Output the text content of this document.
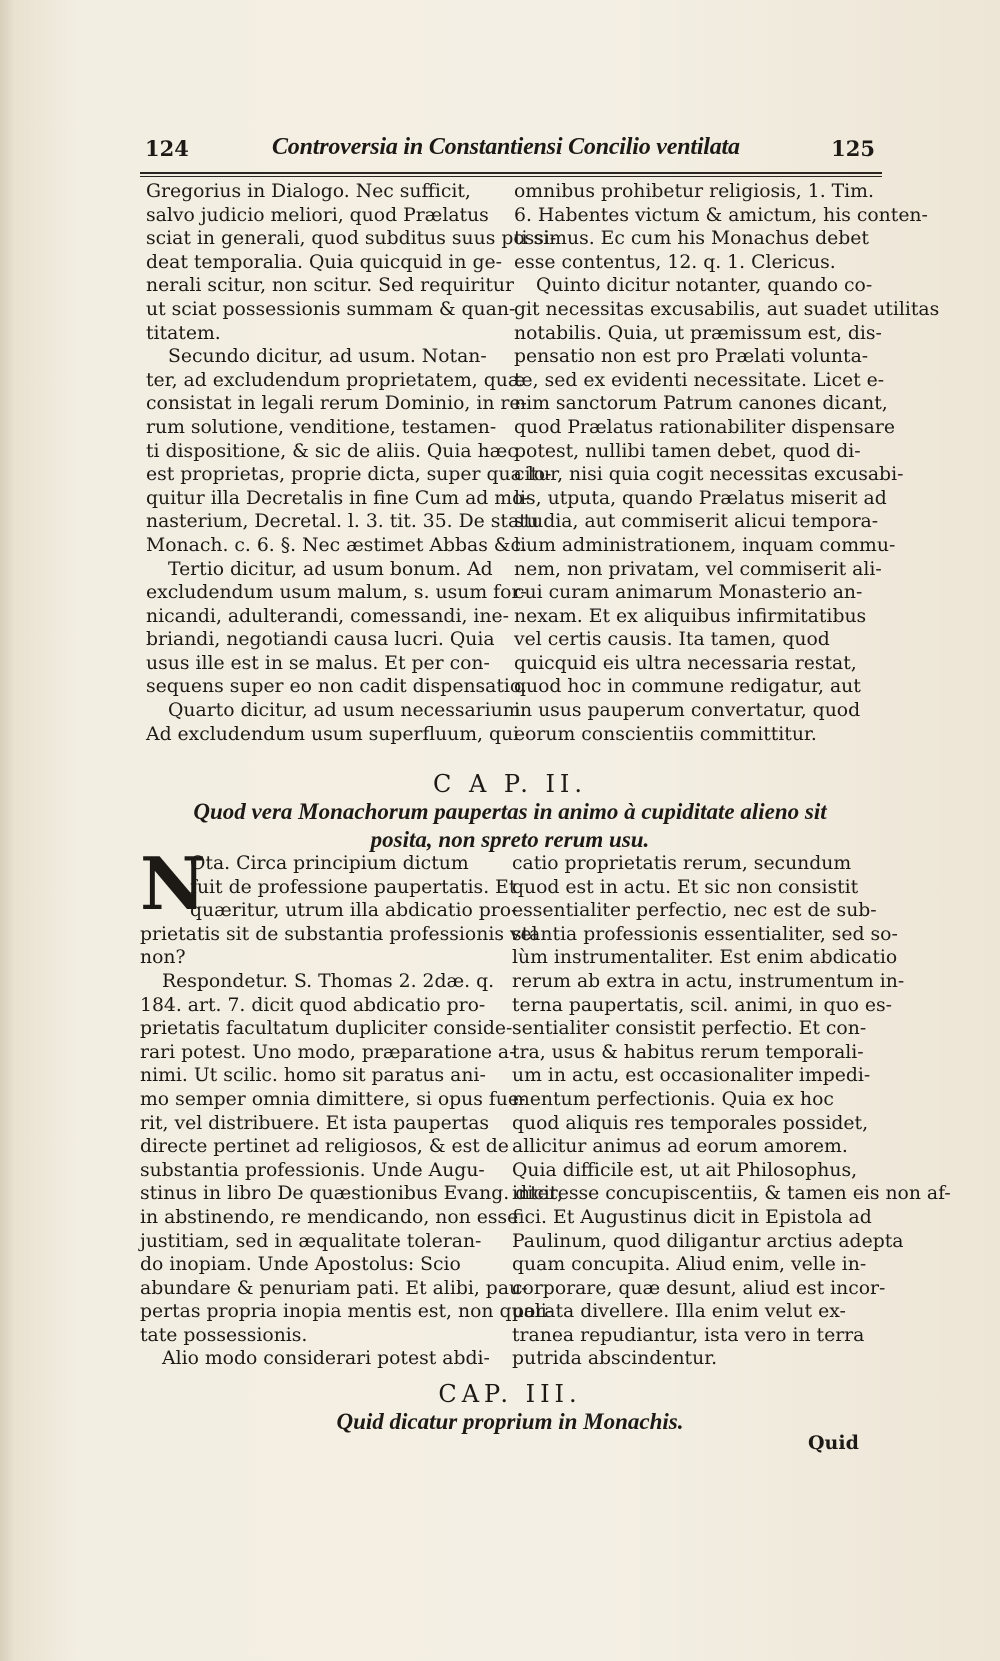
124	Controversia in Constantiensi Concilio ventilata	125
Gregorius in Dialogo. Nec sufficit,
salvo judicio meliori, quod Prælatus
sciat in generali, quod subditus suus possi-
deat temporalia. Quia quicquid in ge-
nerali scitur, non scitur. Sed requiritur
ut sciat possessionis summam & quan-
titatem.
Secundo dicitur, ad usum. Notan-
ter, ad excludendum proprietatem, quæ
consistat in legali rerum Dominio, in re-
rum solutione, venditione, testamen-
ti dispositione, & sic de aliis. Quia hæc
est proprietas, proprie dicta, super qua lo-
quitur illa Decretalis in fine Cum ad mo-
nasterium, Decretal. l. 3. tit. 35. De statu
Monach. c. 6. §. Nec æstimet Abbas &c.
Tertio dicitur, ad usum bonum. Ad
excludendum usum malum, s. usum for-
nicandi, adulterandi, comessandi, ine-
briandi, negotiandi causa lucri. Quia
usus ille est in se malus. Et per con-
sequens super eo non cadit dispensatio.
Quarto dicitur, ad usum necessarium.
Ad excludendum usum superfluum, qui
omnibus prohibetur religiosis, 1. Tim.
6. Habentes victum & amictum, his conten-
ti simus. Ec cum his Monachus debet
esse contentus, 12. q. 1. Clericus.
Quinto dicitur notanter, quando co-
git necessitas excusabilis, aut suadet utilitas
notabilis. Quia, ut præmissum est, dis-
pensatio non est pro Prælati volunta-
te, sed ex evidenti necessitate. Licet e-
nim sanctorum Patrum canones dicant,
quod Prælatus rationabiliter dispensare
potest, nullibi tamen debet, quod di-
citur, nisi quia cogit necessitas excusabi-
lis, utputa, quando Prælatus miserit ad
studia, aut commiserit alicui tempora-
lium administrationem, inquam commu-
nem, non privatam, vel commiserit ali-
cui curam animarum Monasterio an-
nexam. Et ex aliquibus infirmitatibus
vel certis causis. Ita tamen, quod
quicquid eis ultra necessaria restat,
quod hoc in commune redigatur, aut
in usus pauperum convertatur, quod
eorum conscientiis committitur.
C A P. II.
Quod vera Monachorum paupertas in animo à cupiditate alieno sit
posita, non spreto rerum usu.
N
Ota. Circa principium dictum
fuit de professione paupertatis. Et
quæritur, utrum illa abdicatio pro-
prietatis sit de substantia professionis vel
non?
Respondetur. S. Thomas 2. 2dæ. q.
184. art. 7. dicit quod abdicatio pro-
prietatis facultatum dupliciter conside-
rari potest. Uno modo, præparatione a-
nimi. Ut scilic. homo sit paratus ani-
mo semper omnia dimittere, si opus fue-
rit, vel distribuere. Et ista paupertas
directe pertinet ad religiosos, & est de
substantia professionis. Unde Augu-
stinus in libro De quæstionibus Evang. dicit,
in abstinendo, re mendicando, non esse
justitiam, sed in æqualitate toleran-
do inopiam. Unde Apostolus: Scio
abundare & penuriam pati. Et alibi, pau-
pertas propria inopia mentis est, non quali-
tate possessionis.
Alio modo considerari potest abdi-
catio proprietatis rerum, secundum
quod est in actu. Et sic non consistit
essentialiter perfectio, nec est de sub-
stantia professionis essentialiter, sed so-
lùm instrumentaliter. Est enim abdicatio
rerum ab extra in actu, instrumentum in-
terna paupertatis, scil. animi, in quo es-
sentialiter consistit perfectio. Et con-
tra, usus & habitus rerum temporali-
um in actu, est occasionaliter impedi-
mentum perfectionis. Quia ex hoc
quod aliquis res temporales possidet,
allicitur animus ad eorum amorem.
Quia difficile est, ut ait Philosophus,
interesse concupiscentiis, & tamen eis non af-
fici. Et Augustinus dicit in Epistola ad
Paulinum, quod diligantur arctius adepta
quam concupita. Aliud enim, velle in-
corporare, quæ desunt, aliud est incor-
porata divellere. Illa enim velut ex-
tranea repudiantur, ista vero in terra
putrida abscindentur.
CAP. III.
Quid dicatur proprium in Monachis.
Quid
